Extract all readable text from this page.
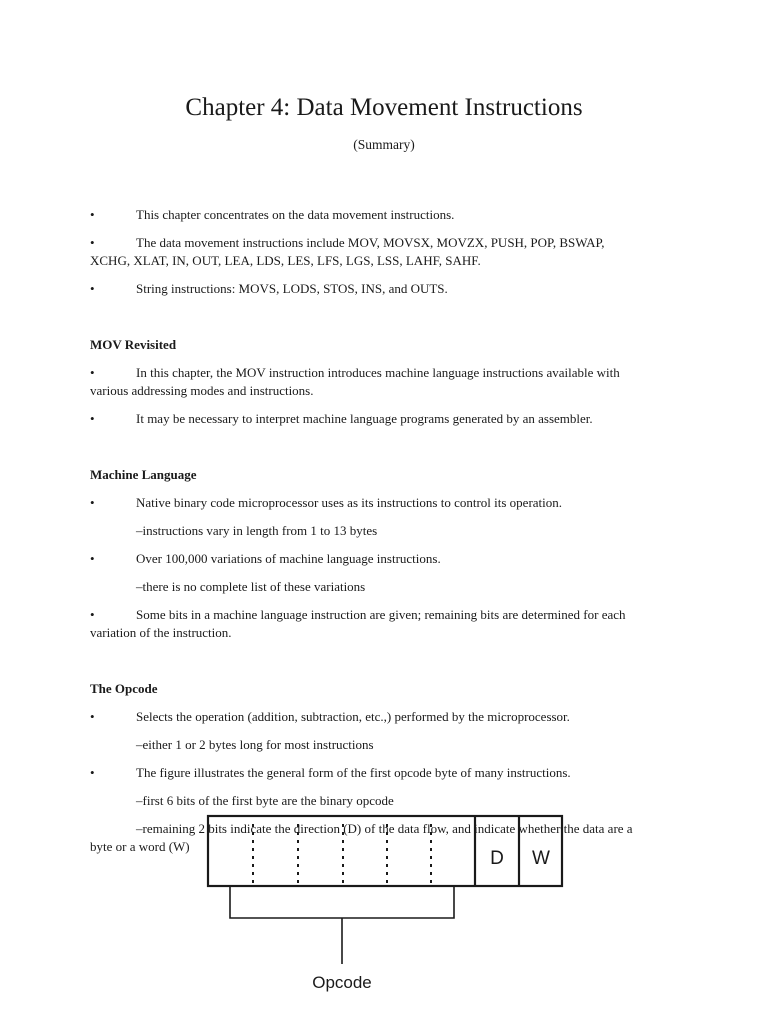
Chapter 4: Data Movement Instructions
(Summary)
•	This chapter concentrates on the data movement instructions.
•	The data movement instructions include MOV, MOVSX, MOVZX, PUSH, POP, BSWAP,
XCHG, XLAT, IN, OUT, LEA, LDS, LES, LFS, LGS, LSS, LAHF, SAHF.
•	String instructions: MOVS, LODS, STOS, INS, and OUTS.
MOV Revisited
•	In this chapter, the MOV instruction introduces machine language instructions available with
various addressing modes and instructions.
•	It may be necessary to interpret machine language programs generated by an assembler.
Machine Language
•	Native binary code microprocessor uses as its instructions to control its operation.
–instructions vary in length from 1 to 13 bytes
•	Over 100,000 variations of machine language instructions.
–there is no complete list of these variations
•	Some bits in a machine language instruction are given; remaining bits are determined for each
variation of the instruction.
The Opcode
•	Selects the operation (addition, subtraction, etc.,) performed by the microprocessor.
–either 1 or 2 bytes long for most instructions
•	The figure illustrates the general form of the first opcode byte of many instructions.
–first 6 bits of the first byte are the binary opcode
D W
Opcode
–remaining 2 bits indicate the direction (D) of the data flow, and indicate whether the data are a
byte or a word (W)
